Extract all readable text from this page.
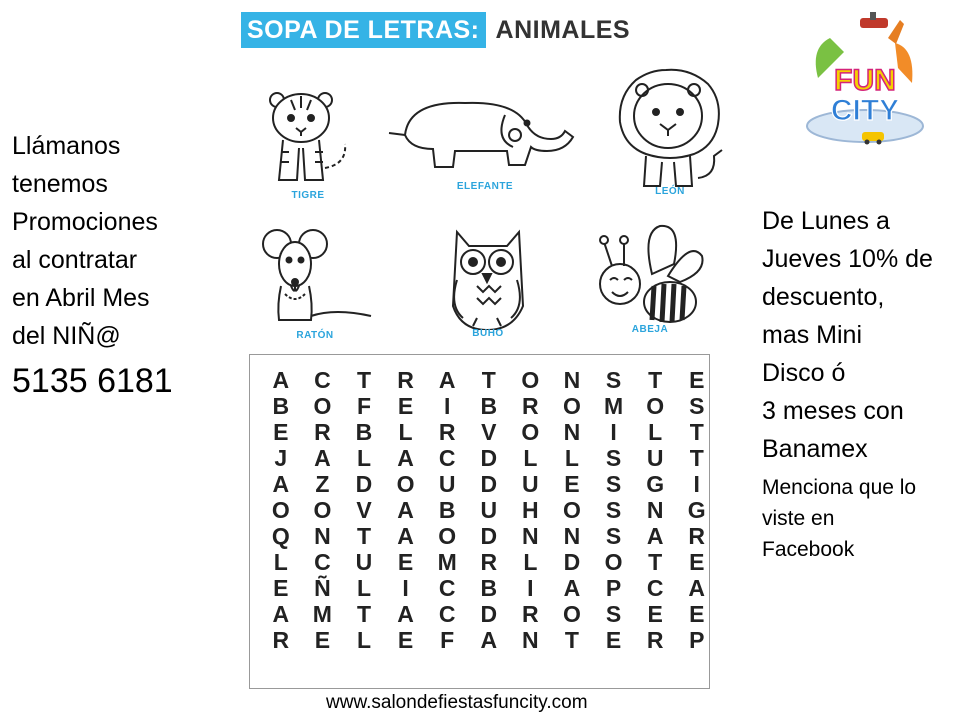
SOPA DE LETRAS: ANIMALES
Llámanos
tenemos
Promociones
al contratar
en Abril Mes
del NIÑ@
5135 6181
De Lunes a
Jueves 10% de
descuento,
mas Mini
Disco ó
3 meses con
Banamex
Menciona que lo
viste en
Facebook
FUN
CITY
TIGRE
ELEFANTE	LEÓN
RATÓN	BUHO	ABEJA
A	C	T	R	A	T	O	N	S	T	E
B	O	F	E	I	B	R	O	M	O	S
E	R	B	L	R	V	O	N	I	L	T
J	A	L	A	C	D	L	L	S	U	T
A	Z	D	O	U	D	U	E	S	G	I
O	O	V	A	B	U	H	O	S	N	G
Q	N	T	A	O	D	N	N	S	A	R
L	C	U	E	M	R	L	D	O	T	E
E	Ñ	L	I	C	B	I	A	P	C	A
A	M	T	A	C	D	R	O	S	E	E
R	E	L	E	F	A	N	T	E	R	P
www.salondefiestasfuncity.com
